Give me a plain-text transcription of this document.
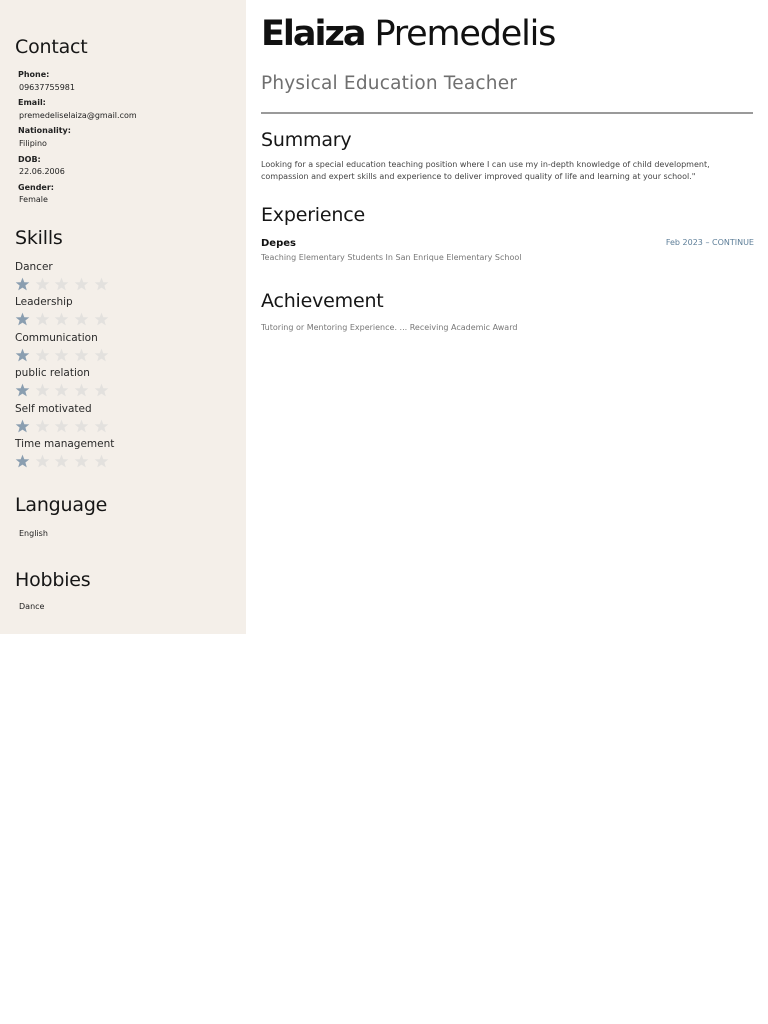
Contact
Phone:
09637755981
Email:
premedeliselaiza@gmail.com
Nationality:
Filipino
DOB:
22.06.2006
Gender:
Female
Skills
Dancer
Leadership
Communication
public relation
Self motivated
Time management
Language
English
Hobbies
Dance
Elaiza Premedelis
Physical Education Teacher
Summary
Looking for a special education teaching position where I can use my in-depth knowledge of child development, compassion and expert skills and experience to deliver improved quality of life and learning at your school."
Experience
Depes	Feb 2023 – CONTINUE
Teaching Elementary Students In San Enrique Elementary School
Achievement
Tutoring or Mentoring Experience. ... Receiving Academic Award
